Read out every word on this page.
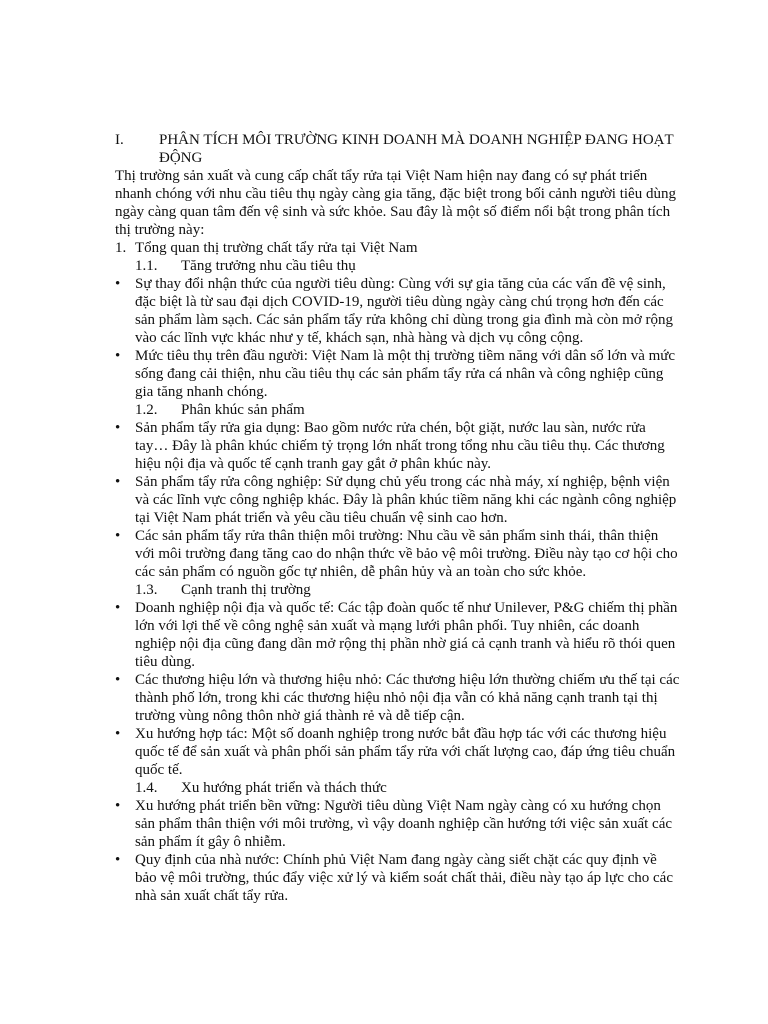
I.	PHÂN TÍCH MÔI TRƯỜNG KINH DOANH MÀ DOANH NGHIỆP ĐANG HOẠT ĐỘNG

Thị trường sản xuất và cung cấp chất tẩy rửa tại Việt Nam hiện nay đang có sự phát triển nhanh chóng với nhu cầu tiêu thụ ngày càng gia tăng, đặc biệt trong bối cảnh người tiêu dùng ngày càng quan tâm đến vệ sinh và sức khỏe. Sau đây là một số điểm nổi bật trong phân tích thị trường này:

1. Tổng quan thị trường chất tẩy rửa tại Việt Nam
1.1.	Tăng trưởng nhu cầu tiêu thụ
• Sự thay đổi nhận thức của người tiêu dùng: Cùng với sự gia tăng của các vấn đề vệ sinh, đặc biệt là từ sau đại dịch COVID-19, người tiêu dùng ngày càng chú trọng hơn đến các sản phẩm làm sạch. Các sản phẩm tẩy rửa không chỉ dùng trong gia đình mà còn mở rộng vào các lĩnh vực khác như y tế, khách sạn, nhà hàng và dịch vụ công cộng.
• Mức tiêu thụ trên đầu người: Việt Nam là một thị trường tiềm năng với dân số lớn và mức sống đang cải thiện, nhu cầu tiêu thụ các sản phẩm tẩy rửa cá nhân và công nghiệp cũng gia tăng nhanh chóng.
1.2.	Phân khúc sản phẩm
• Sản phẩm tẩy rửa gia dụng: Bao gồm nước rửa chén, bột giặt, nước lau sàn, nước rửa tay… Đây là phân khúc chiếm tỷ trọng lớn nhất trong tổng nhu cầu tiêu thụ. Các thương hiệu nội địa và quốc tế cạnh tranh gay gắt ở phân khúc này.
• Sản phẩm tẩy rửa công nghiệp: Sử dụng chủ yếu trong các nhà máy, xí nghiệp, bệnh viện và các lĩnh vực công nghiệp khác. Đây là phân khúc tiềm năng khi các ngành công nghiệp tại Việt Nam phát triển và yêu cầu tiêu chuẩn vệ sinh cao hơn.
• Các sản phẩm tẩy rửa thân thiện môi trường: Nhu cầu về sản phẩm sinh thái, thân thiện với môi trường đang tăng cao do nhận thức về bảo vệ môi trường. Điều này tạo cơ hội cho các sản phẩm có nguồn gốc tự nhiên, dễ phân hủy và an toàn cho sức khỏe.
1.3.	Cạnh tranh thị trường
• Doanh nghiệp nội địa và quốc tế: Các tập đoàn quốc tế như Unilever, P&G chiếm thị phần lớn với lợi thế về công nghệ sản xuất và mạng lưới phân phối. Tuy nhiên, các doanh nghiệp nội địa cũng đang dần mở rộng thị phần nhờ giá cả cạnh tranh và hiểu rõ thói quen tiêu dùng.
• Các thương hiệu lớn và thương hiệu nhỏ: Các thương hiệu lớn thường chiếm ưu thế tại các thành phố lớn, trong khi các thương hiệu nhỏ nội địa vẫn có khả năng cạnh tranh tại thị trường vùng nông thôn nhờ giá thành rẻ và dễ tiếp cận.
• Xu hướng hợp tác: Một số doanh nghiệp trong nước bắt đầu hợp tác với các thương hiệu quốc tế để sản xuất và phân phối sản phẩm tẩy rửa với chất lượng cao, đáp ứng tiêu chuẩn quốc tế.
1.4.	Xu hướng phát triển và thách thức
• Xu hướng phát triển bền vững: Người tiêu dùng Việt Nam ngày càng có xu hướng chọn sản phẩm thân thiện với môi trường, vì vậy doanh nghiệp cần hướng tới việc sản xuất các sản phẩm ít gây ô nhiễm.
• Quy định của nhà nước: Chính phủ Việt Nam đang ngày càng siết chặt các quy định về bảo vệ môi trường, thúc đẩy việc xử lý và kiểm soát chất thải, điều này tạo áp lực cho các nhà sản xuất chất tẩy rửa.
